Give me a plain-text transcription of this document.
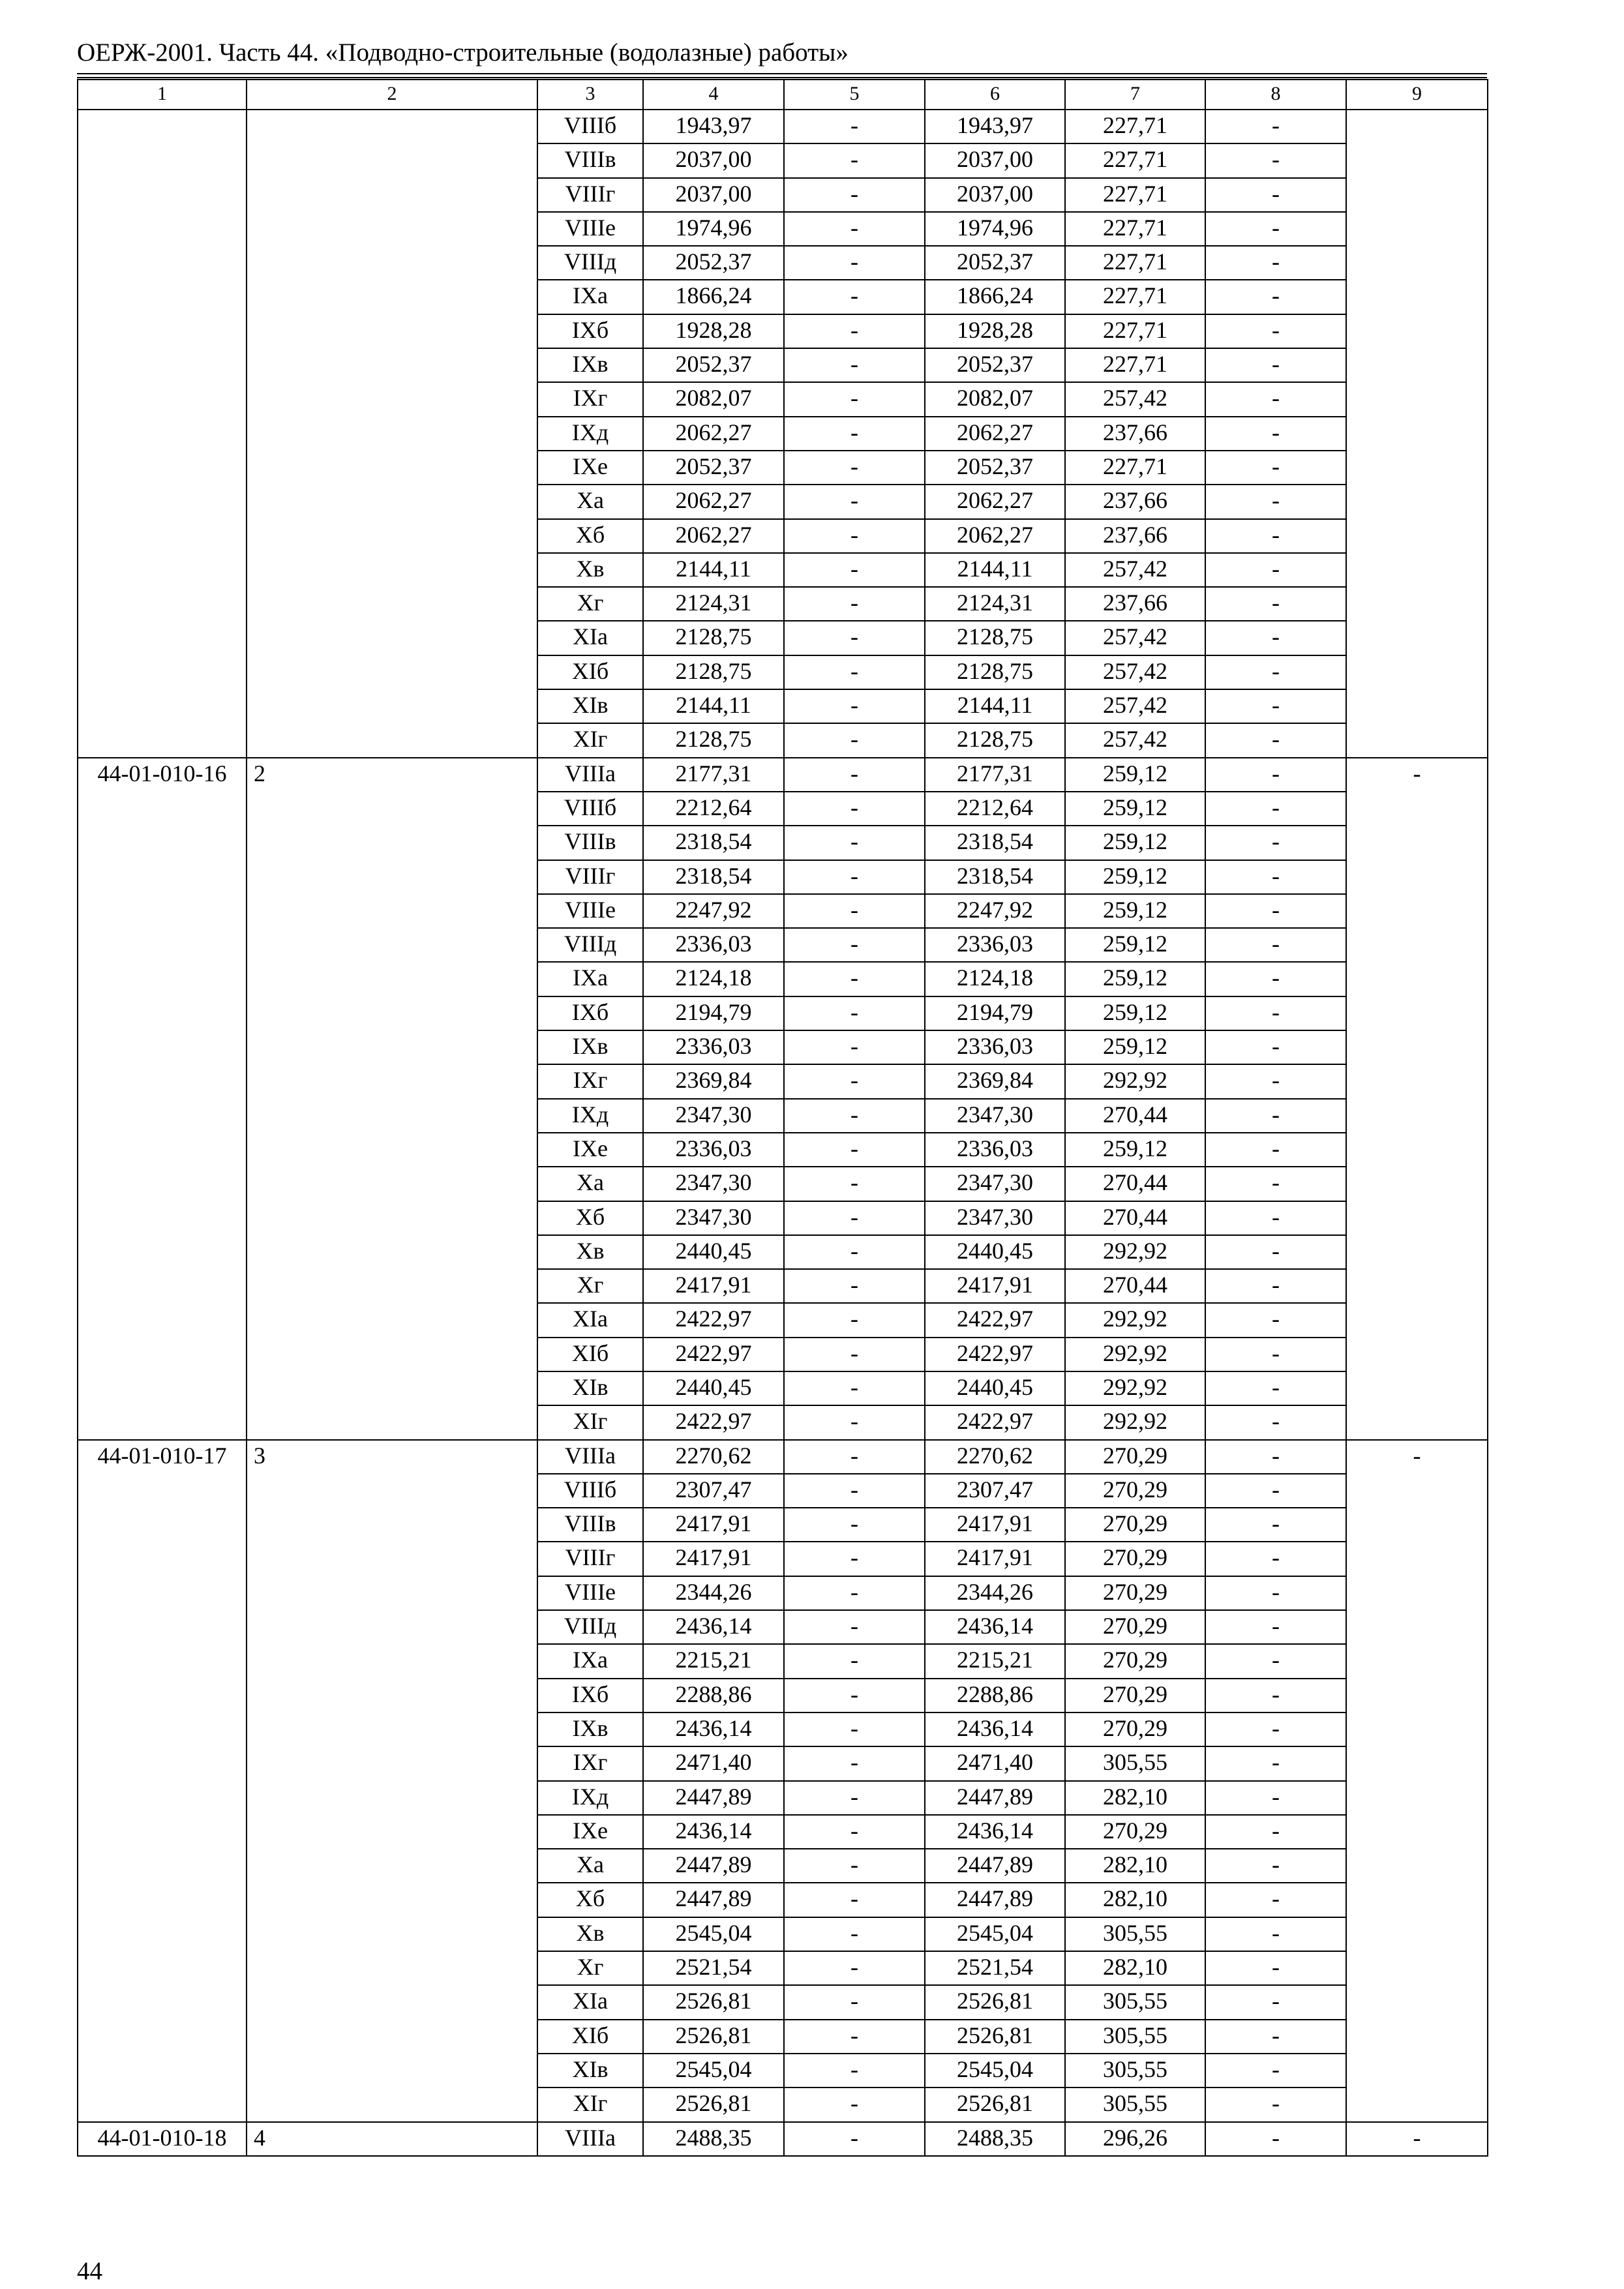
ОЕРЖ-2001. Часть 44. «Подводно-строительные (водолазные) работы»
1	2	3	4	5	6	7	8	9
		VIIIб	1943,97	-	1943,97	227,71	-	
		VIIIв	2037,00	-	2037,00	227,71	-	
		VIIIг	2037,00	-	2037,00	227,71	-	
		VIIIе	1974,96	-	1974,96	227,71	-	
		VIIIд	2052,37	-	2052,37	227,71	-	
		IXа	1866,24	-	1866,24	227,71	-	
		IXб	1928,28	-	1928,28	227,71	-	
		IXв	2052,37	-	2052,37	227,71	-	
		IXг	2082,07	-	2082,07	257,42	-	
		IXд	2062,27	-	2062,27	237,66	-	
		IXе	2052,37	-	2052,37	227,71	-	
		Xа	2062,27	-	2062,27	237,66	-	
		Xб	2062,27	-	2062,27	237,66	-	
		Xв	2144,11	-	2144,11	257,42	-	
		Xг	2124,31	-	2124,31	237,66	-	
		XIа	2128,75	-	2128,75	257,42	-	
		XIб	2128,75	-	2128,75	257,42	-	
		XIв	2144,11	-	2144,11	257,42	-	
		XIг	2128,75	-	2128,75	257,42	-	
44-01-010-16	2	VIIIа	2177,31	-	2177,31	259,12	-	-
		VIIIб	2212,64	-	2212,64	259,12	-	
		VIIIв	2318,54	-	2318,54	259,12	-	
		VIIIг	2318,54	-	2318,54	259,12	-	
		VIIIе	2247,92	-	2247,92	259,12	-	
		VIIIд	2336,03	-	2336,03	259,12	-	
		IXа	2124,18	-	2124,18	259,12	-	
		IXб	2194,79	-	2194,79	259,12	-	
		IXв	2336,03	-	2336,03	259,12	-	
		IXг	2369,84	-	2369,84	292,92	-	
		IXд	2347,30	-	2347,30	270,44	-	
		IXе	2336,03	-	2336,03	259,12	-	
		Xа	2347,30	-	2347,30	270,44	-	
		Xб	2347,30	-	2347,30	270,44	-	
		Xв	2440,45	-	2440,45	292,92	-	
		Xг	2417,91	-	2417,91	270,44	-	
		XIа	2422,97	-	2422,97	292,92	-	
		XIб	2422,97	-	2422,97	292,92	-	
		XIв	2440,45	-	2440,45	292,92	-	
		XIг	2422,97	-	2422,97	292,92	-	
44-01-010-17	3	VIIIа	2270,62	-	2270,62	270,29	-	-
		VIIIб	2307,47	-	2307,47	270,29	-	
		VIIIв	2417,91	-	2417,91	270,29	-	
		VIIIг	2417,91	-	2417,91	270,29	-	
		VIIIе	2344,26	-	2344,26	270,29	-	
		VIIIд	2436,14	-	2436,14	270,29	-	
		IXа	2215,21	-	2215,21	270,29	-	
		IXб	2288,86	-	2288,86	270,29	-	
		IXв	2436,14	-	2436,14	270,29	-	
		IXг	2471,40	-	2471,40	305,55	-	
		IXд	2447,89	-	2447,89	282,10	-	
		IXе	2436,14	-	2436,14	270,29	-	
		Xа	2447,89	-	2447,89	282,10	-	
		Xб	2447,89	-	2447,89	282,10	-	
		Xв	2545,04	-	2545,04	305,55	-	
		Xг	2521,54	-	2521,54	282,10	-	
		XIа	2526,81	-	2526,81	305,55	-	
		XIб	2526,81	-	2526,81	305,55	-	
		XIв	2545,04	-	2545,04	305,55	-	
		XIг	2526,81	-	2526,81	305,55	-	
44-01-010-18	4	VIIIа	2488,35	-	2488,35	296,26	-	-
44
